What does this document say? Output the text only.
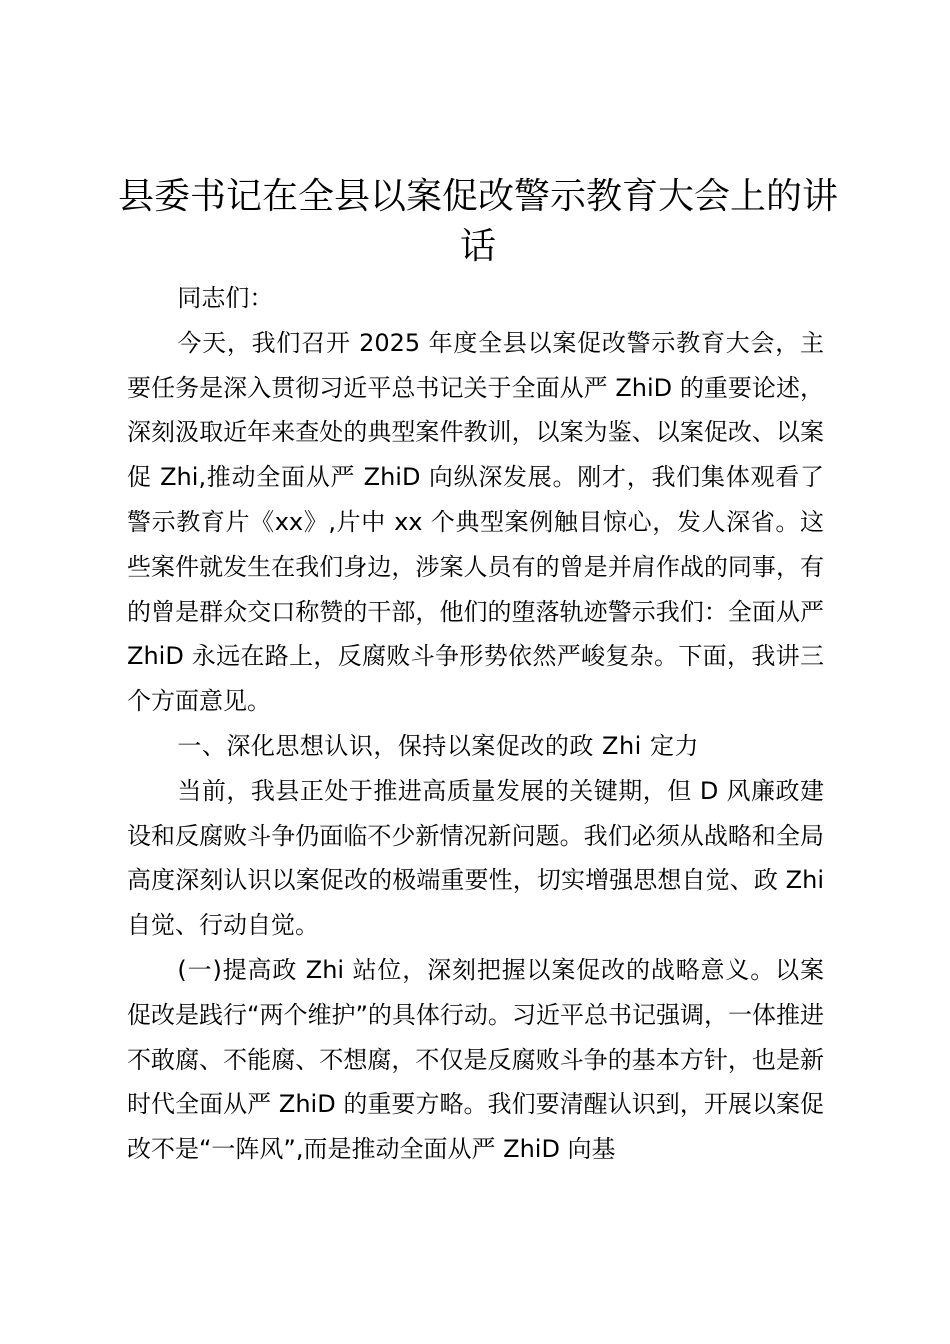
县委书记在全县以案促改警示教育大会上的讲话

同志们：

今天，我们召开 2025 年度全县以案促改警示教育大会，主要任务是深入贯彻习近平总书记关于全面从严 ZhiD 的重要论述，深刻汲取近年来查处的典型案件教训，以案为鉴、以案促改、以案促 Zhi,推动全面从严 ZhiD 向纵深发展。刚才，我们集体观看了警示教育片《xx》,片中 xx 个典型案例触目惊心，发人深省。这些案件就发生在我们身边，涉案人员有的曾是并肩作战的同事，有的曾是群众交口称赞的干部，他们的堕落轨迹警示我们：全面从严 ZhiD 永远在路上，反腐败斗争形势依然严峻复杂。下面，我讲三个方面意见。

一、深化思想认识，保持以案促改的政 Zhi 定力

当前，我县正处于推进高质量发展的关键期，但 D 风廉政建设和反腐败斗争仍面临不少新情况新问题。我们必须从战略和全局高度深刻认识以案促改的极端重要性，切实增强思想自觉、政 Zhi 自觉、行动自觉。

(一)提高政 Zhi 站位，深刻把握以案促改的战略意义。以案促改是践行“两个维护”的具体行动。习近平总书记强调，一体推进不敢腐、不能腐、不想腐，不仅是反腐败斗争的基本方针，也是新时代全面从严 ZhiD 的重要方略。我们要清醒认识到，开展以案促改不是“一阵风”,而是推动全面从严 ZhiD 向基
